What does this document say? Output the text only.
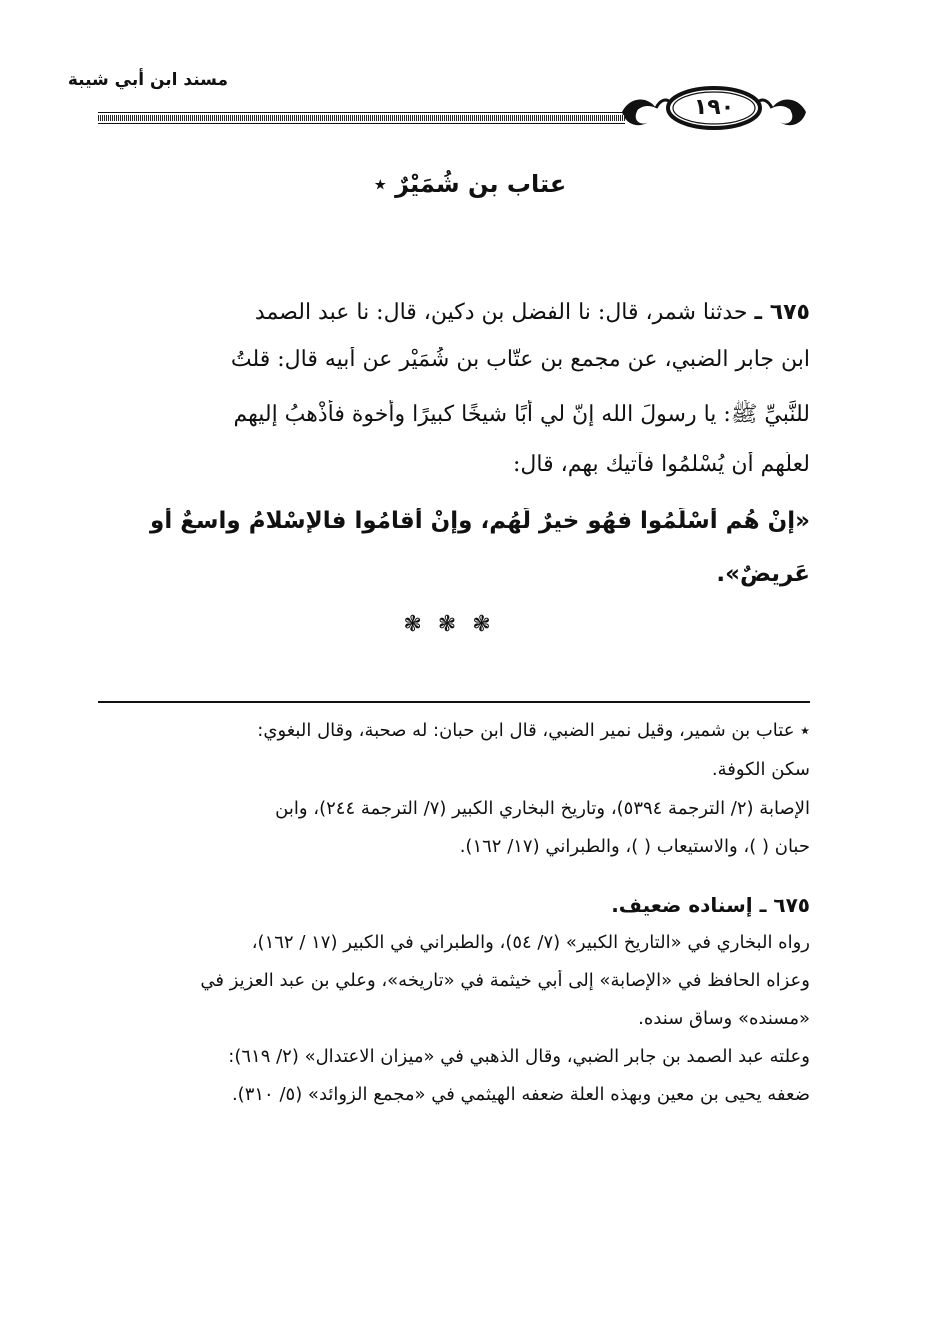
مسند ابن أبي شيبة
١٩٠
عتاب بن شُمَيْرٌ ٭
٦٧٥ ـ حدثنا شمر، قال: نا الفضل بن دكين، قال: نا عبد الصمد
ابن جابر الضبي، عن مجمع بن عتّاب بن شُمَيْر عن أبيه قال: قلتُ
للنَّبيِّ ﷺ: يا رسولَ الله إنّ لي أبًا شيخًا كبيرًا وأخوة فأذْهبُ إليهم
لعلّهم أن يُسْلمُوا فآتيك بهم، قال:
«إنْ هُم أسْلَمُوا فهُو خيرٌ لَهُم، وإنْ أقامُوا فالإسْلامُ واسعٌ أو
عَرِيضٌ».
❃❃❃
٭ عتاب بن شمير، وقيل نمير الضبي، قال ابن حبان: له صحبة، وقال البغوي:
سكن الكوفة.
الإصابة (٢/ الترجمة ٥٣٩٤)، وتاريخ البخاري الكبير (٧/ الترجمة ٢٤٤)، وابن
حبان ( )، والاستيعاب ( )، والطبراني (١٧/ ١٦٢).
٦٧٥ ـ إسناده ضعيف.
رواه البخاري في «التاريخ الكبير» (٧/ ٥٤)، والطبراني في الكبير (١٧ / ١٦٢)،
وعزاه الحافظ في «الإصابة» إلى أبي خيثمة في «تاريخه»، وعلي بن عبد العزيز في
«مسنده» وساق سنده.
وعلته عبد الصمد بن جابر الضبي، وقال الذهبي في «ميزان الاعتدال» (٢/ ٦١٩):
ضعفه يحيى بن معين وبهذه العلة ضعفه الهيثمي في «مجمع الزوائد» (٥/ ٣١٠).
